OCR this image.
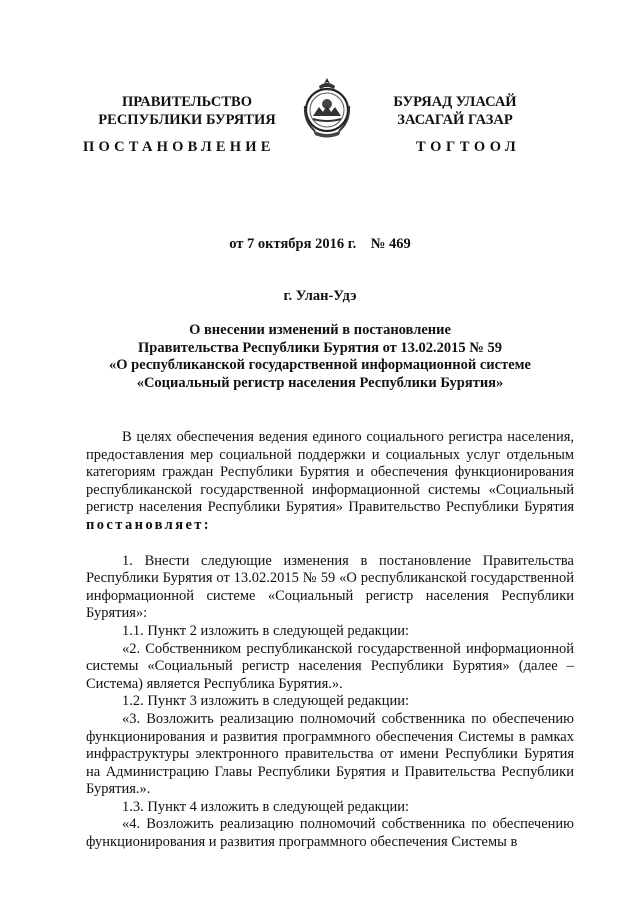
ПРАВИТЕЛЬСТВО
РЕСПУБЛИКИ БУРЯТИЯ
БУРЯАД УЛАСАЙ
ЗАСАГАЙ ГАЗАР
ПОСТАНОВЛЕНИЕ	ТОГТООЛ
от 7 октября 2016 г. № 469
г. Улан-Удэ
О внесении изменений в постановление
Правительства Республики Бурятия от 13.02.2015 № 59
«О республиканской государственной информационной системе
«Социальный регистр населения Республики Бурятия»

В целях обеспечения ведения единого социального регистра населения, предоставления мер социальной поддержки и социальных услуг отдельным категориям граждан Республики Бурятия и обеспечения функционирования республиканской государственной информационной системы «Социальный регистр населения Республики Бурятия» Правительство Республики Бурятия постановляет:

1. Внести следующие изменения в постановление Правительства Республики Бурятия от 13.02.2015 № 59 «О республиканской государственной информационной системе «Социальный регистр населения Республики Бурятия»:

1.1. Пункт 2 изложить в следующей редакции:

«2. Собственником республиканской государственной информационной системы «Социальный регистр населения Республики Бурятия» (далее – Система) является Республика Бурятия.».

1.2. Пункт 3 изложить в следующей редакции:

«3. Возложить реализацию полномочий собственника по обеспечению функционирования и развития программного обеспечения Системы в рамках инфраструктуры электронного правительства от имени Республики Бурятия на Администрацию Главы Республики Бурятия и Правительства Республики Бурятия.».

1.3. Пункт 4 изложить в следующей редакции:

«4. Возложить реализацию полномочий собственника по обеспечению функционирования и развития программного обеспечения Системы в
